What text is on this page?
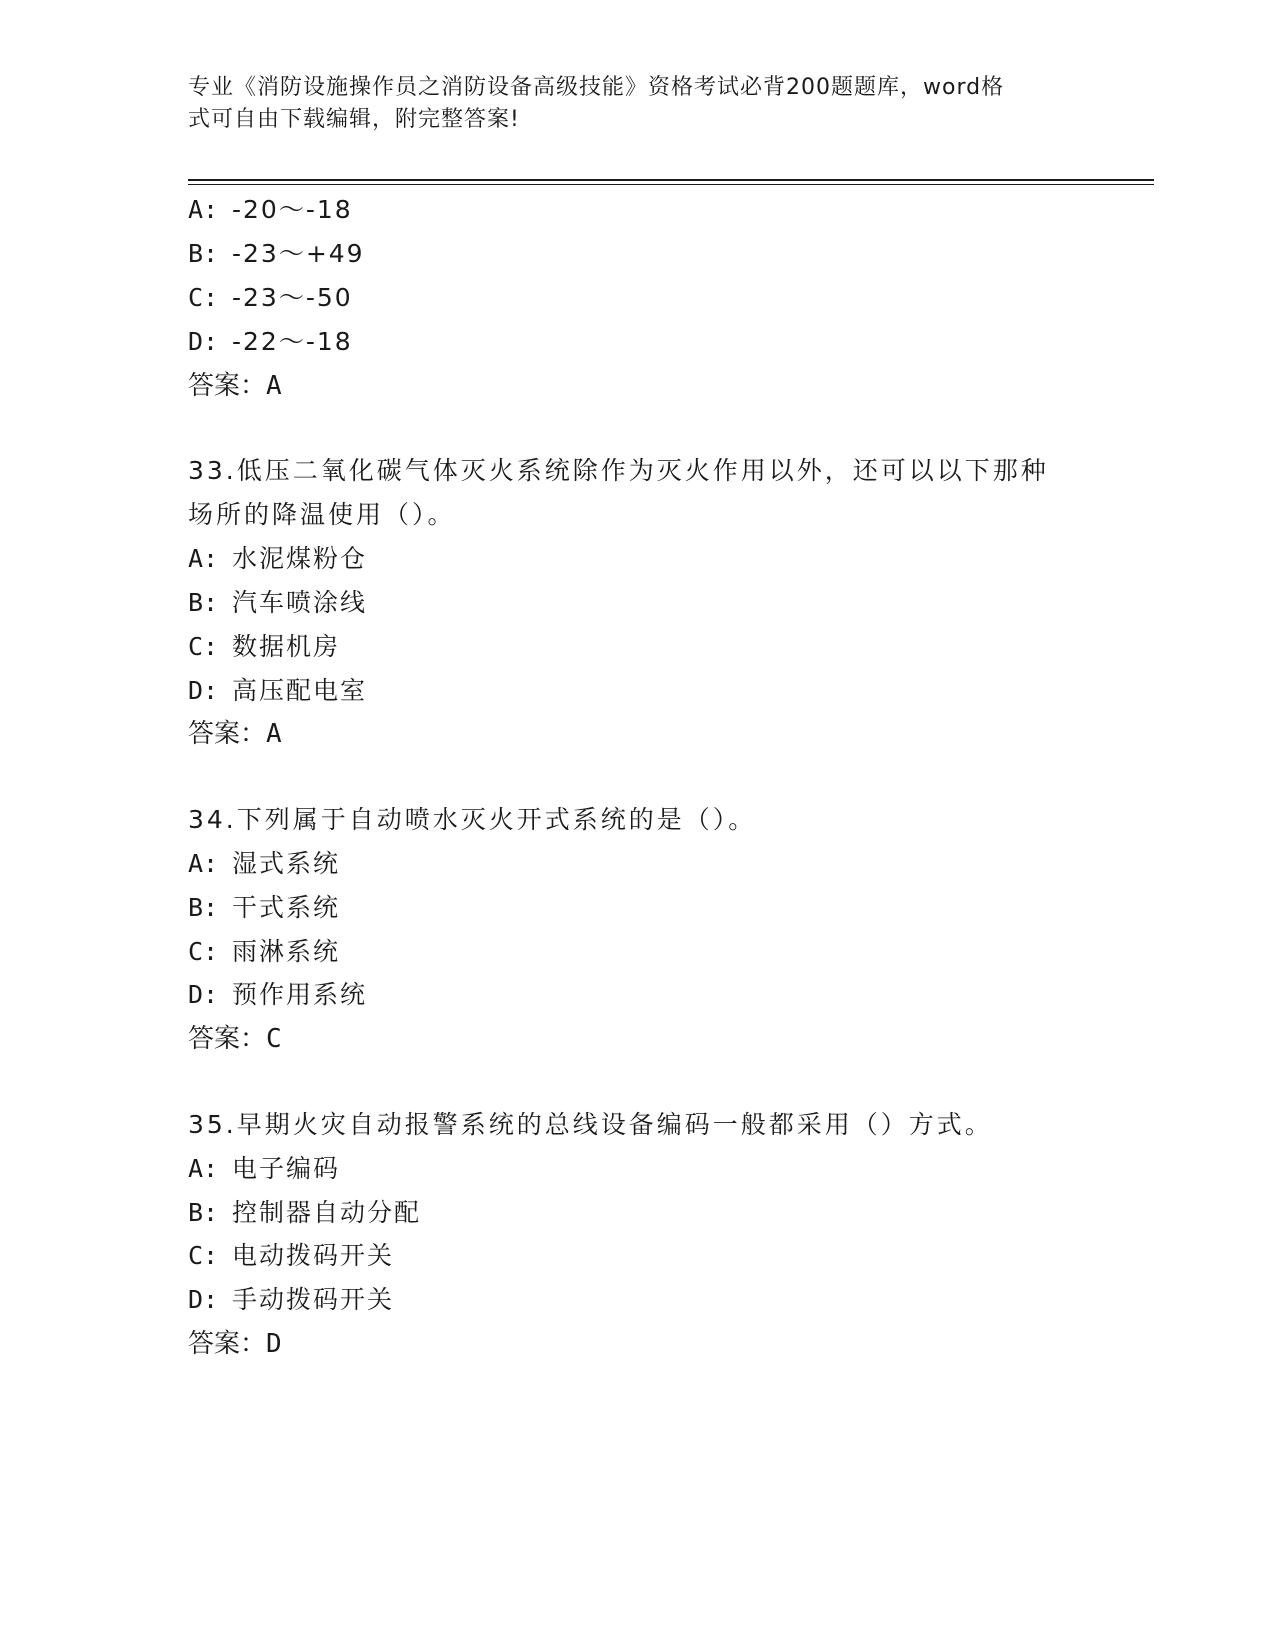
专业《消防设施操作员之消防设备高级技能》资格考试必背200题题库，word格
式可自由下载编辑，附完整答案!
A: -20～-18
B: -23～+49
C: -23～-50
D: -22～-18
答案：A
33.低压二氧化碳气体灭火系统除作为灭火作用以外，还可以以下那种
场所的降温使用（）。
A: 水泥煤粉仓
B: 汽车喷涂线
C: 数据机房
D: 高压配电室
答案：A
34.下列属于自动喷水灭火开式系统的是（）。
A: 湿式系统
B: 干式系统
C: 雨淋系统
D: 预作用系统
答案：C
35.早期火灾自动报警系统的总线设备编码一般都采用（）方式。
A: 电子编码
B: 控制器自动分配
C: 电动拨码开关
D: 手动拨码开关
答案：D
